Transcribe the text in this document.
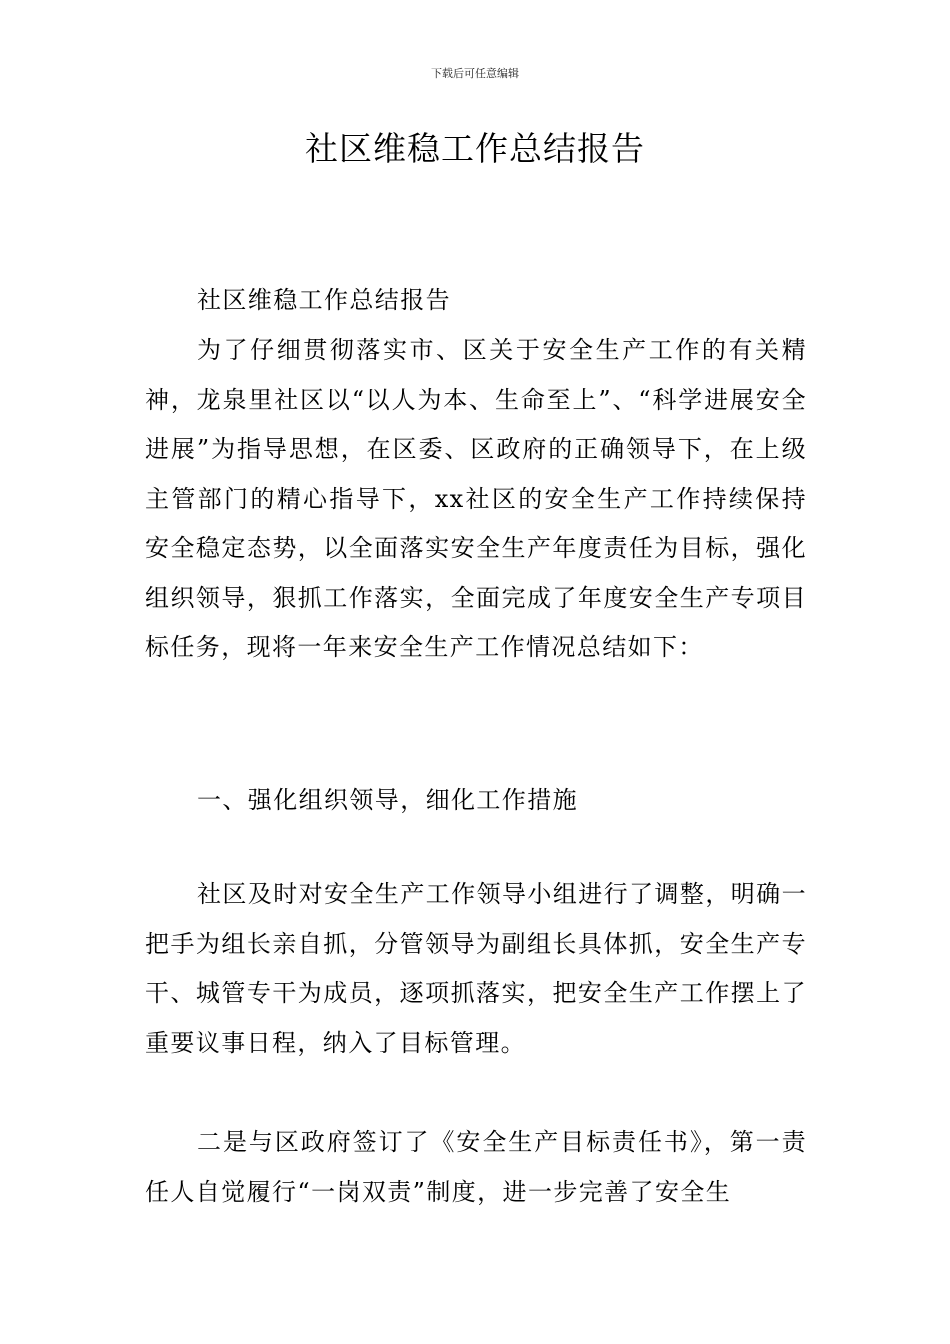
下载后可任意编辑
社区维稳工作总结报告

社区维稳工作总结报告

为了仔细贯彻落实市、区关于安全生产工作的有关精神，龙泉里社区以“以人为本、生命至上”、“科学进展安全进展”为指导思想，在区委、区政府的正确领导下，在上级主管部门的精心指导下，xx社区的安全生产工作持续保持安全稳定态势，以全面落实安全生产年度责任为目标，强化组织领导，狠抓工作落实，全面完成了年度安全生产专项目标任务，现将一年来安全生产工作情况总结如下：

一、强化组织领导，细化工作措施

社区及时对安全生产工作领导小组进行了调整，明确一把手为组长亲自抓，分管领导为副组长具体抓，安全生产专干、城管专干为成员，逐项抓落实，把安全生产工作摆上了重要议事日程，纳入了目标管理。

二是与区政府签订了《安全生产目标责任书》，第一责任人自觉履行“一岗双责”制度，进一步完善了安全生
